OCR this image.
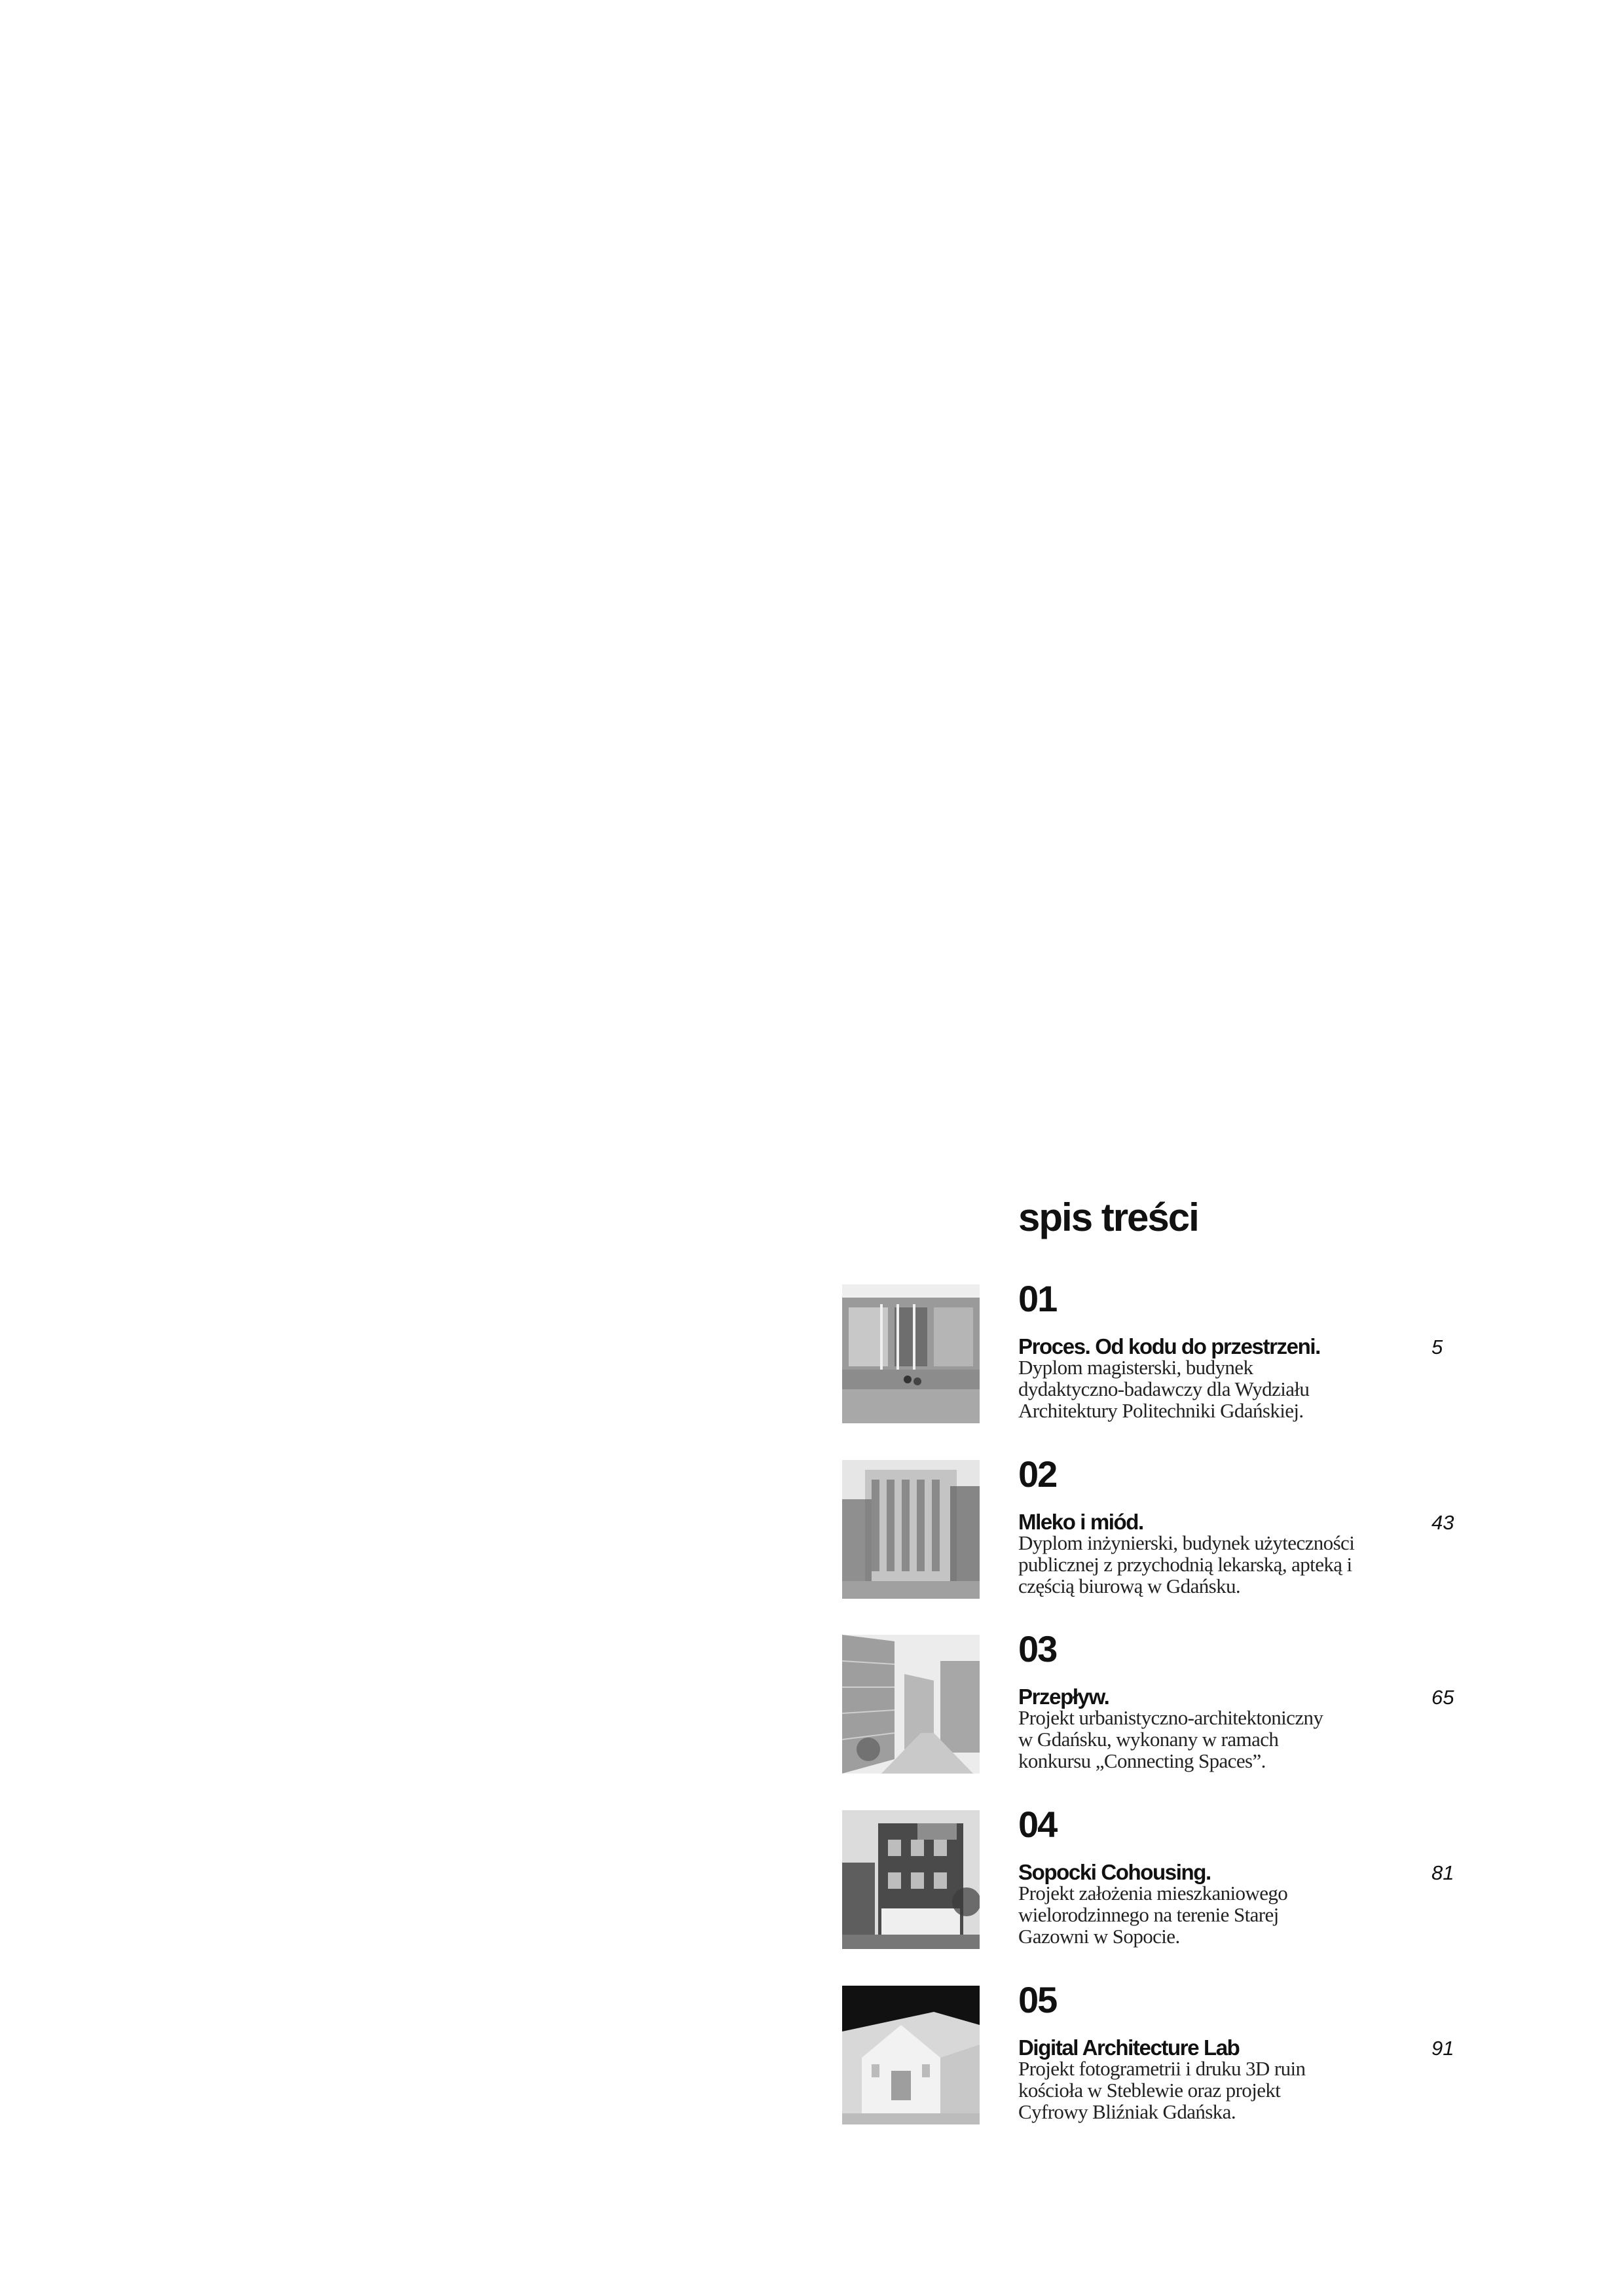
spis treści
01
Proces. Od kodu do przestrzeni.	5
Dyplom magisterski, budynek
dydaktyczno-badawczy dla Wydziału
Architektury Politechniki Gdańskiej.
02
Mleko i miód.	43
Dyplom inżynierski, budynek użyteczności
publicznej z przychodnią lekarską, apteką i
częścią biurową w Gdańsku.
03
Przepływ.	65
Projekt urbanistyczno-architektoniczny
w Gdańsku, wykonany w ramach
konkursu „Connecting Spaces”.
04
Sopocki Cohousing.	81
Projekt założenia mieszkaniowego
wielorodzinnego na terenie Starej
Gazowni w Sopocie.
05
Digital Architecture Lab	91
Projekt fotogrametrii i druku 3D ruin
kościoła w Steblewie oraz projekt
Cyfrowy Bliźniak Gdańska.
